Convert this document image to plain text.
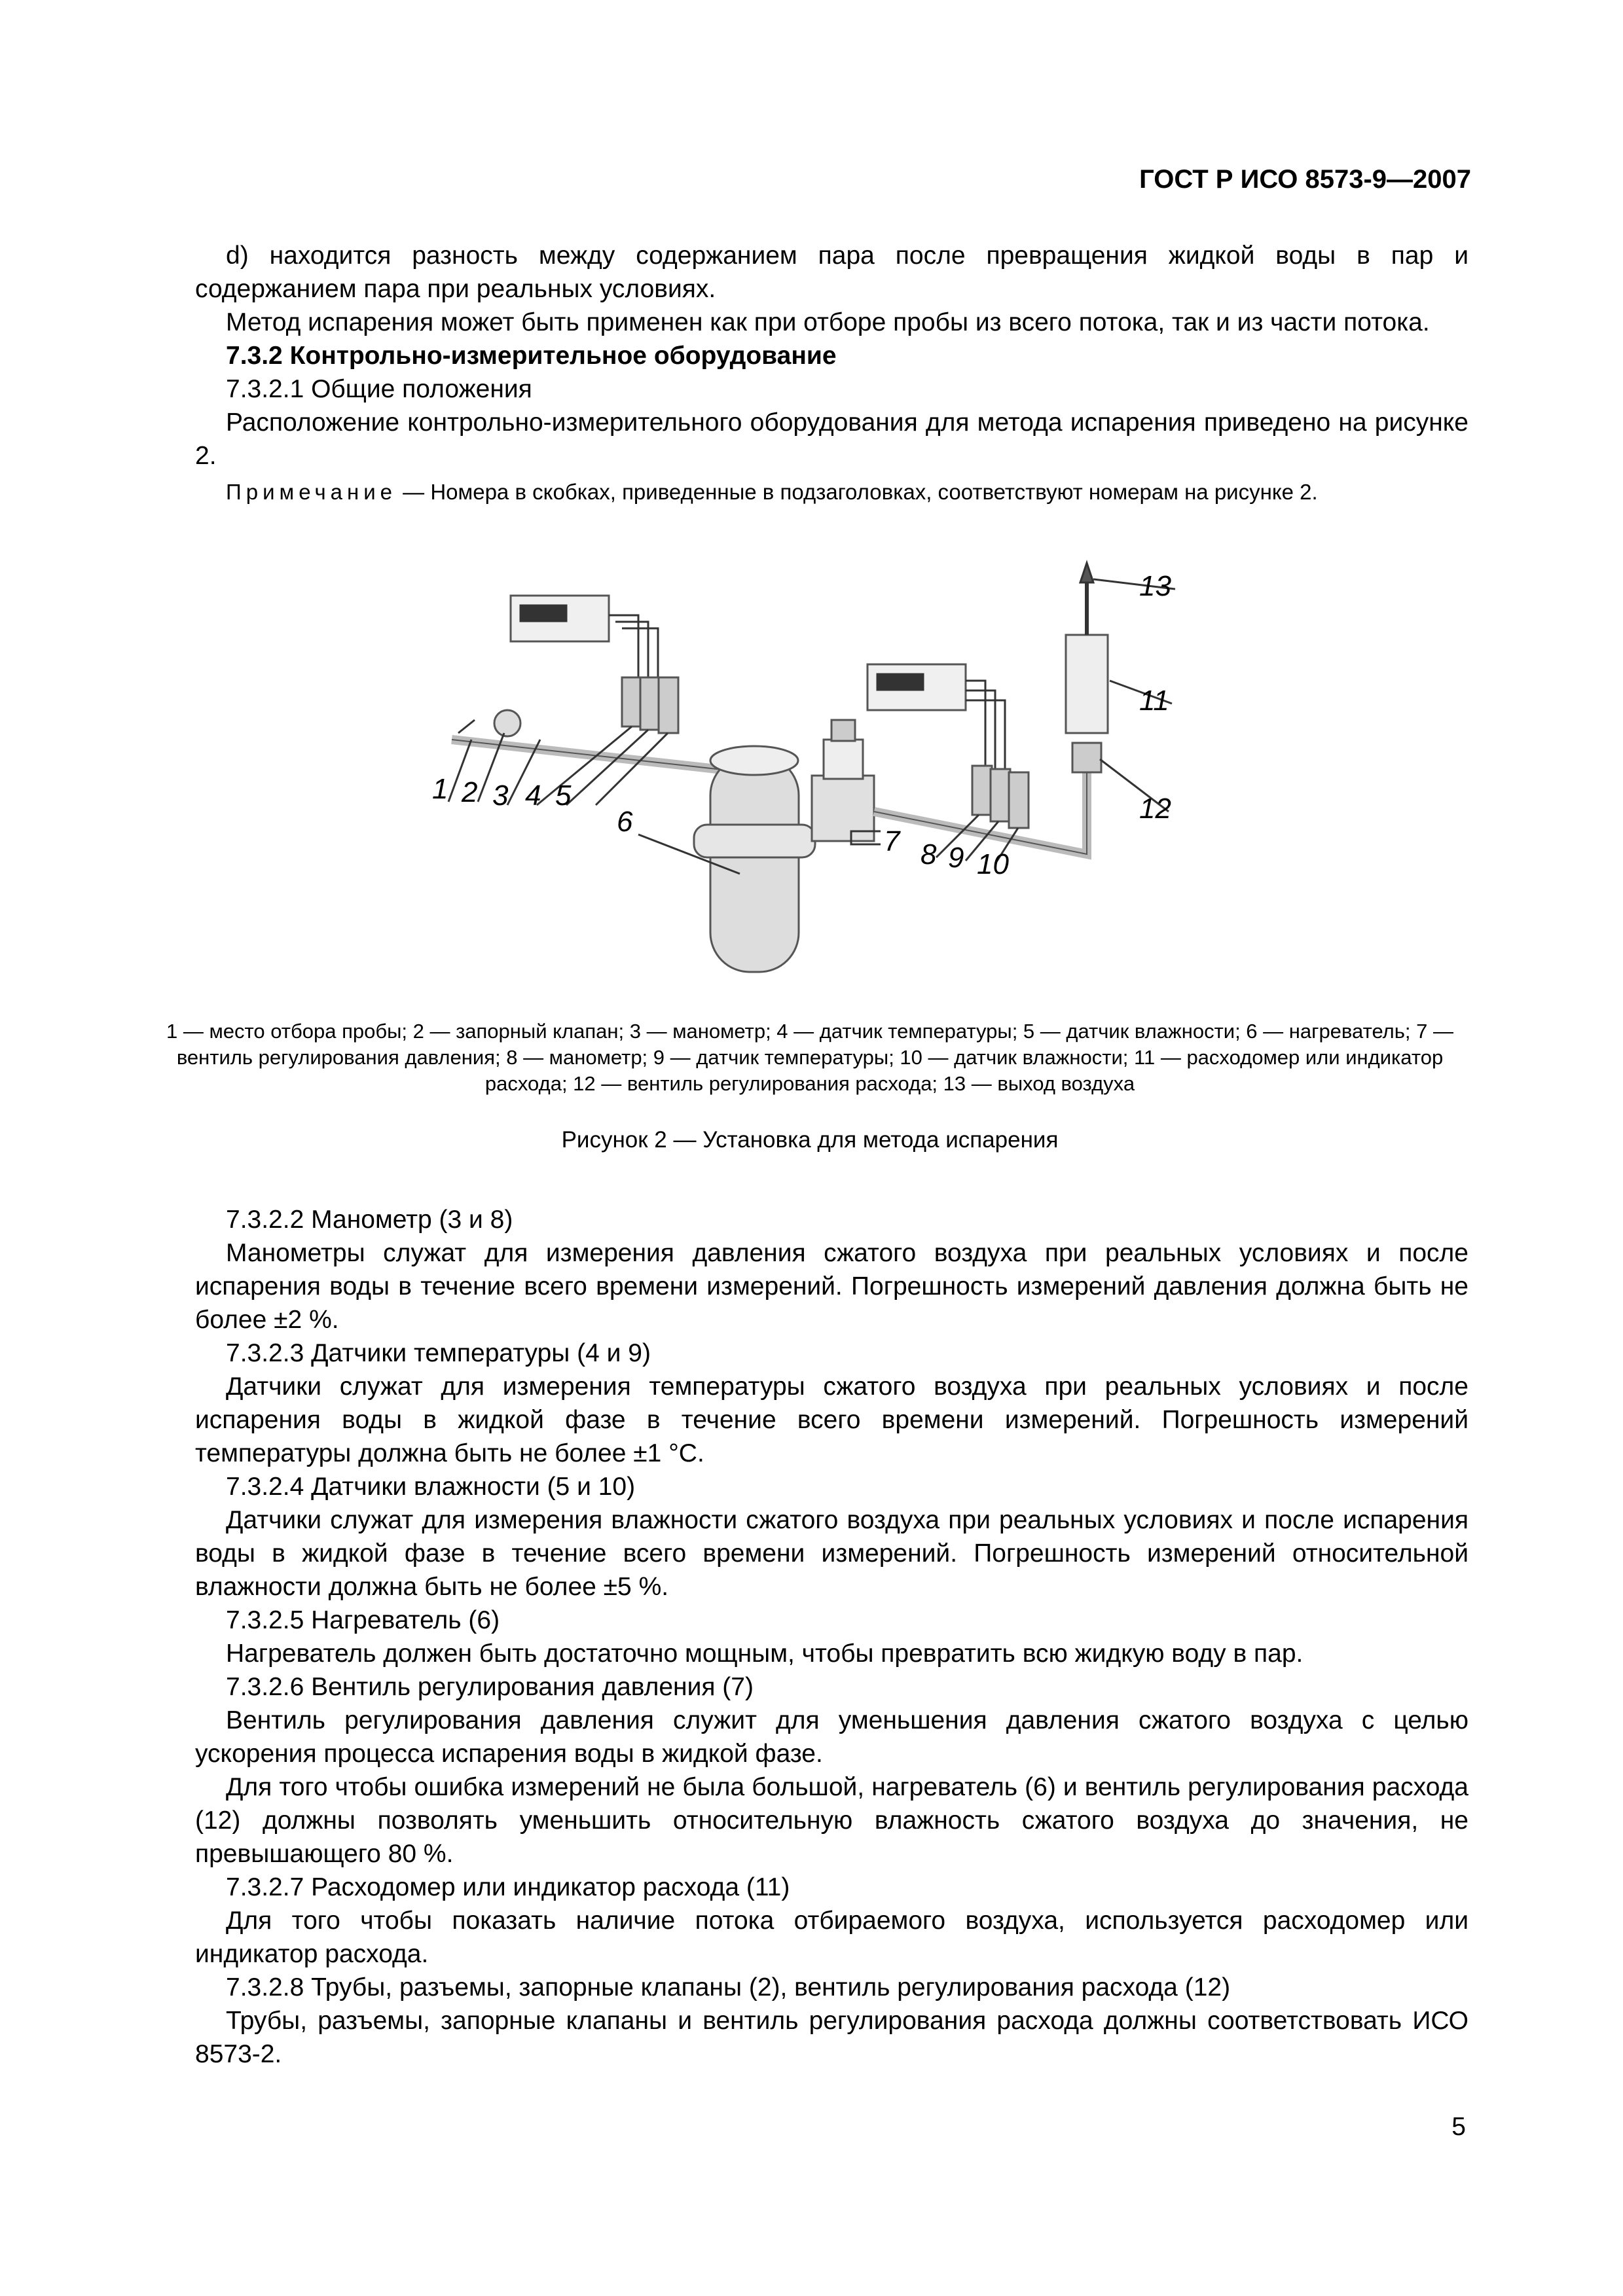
ГОСТ Р ИСО 8573-9—2007

d) находится разность между содержанием пара после превращения жидкой воды в пар и содержанием пара при реальных условиях.

Метод испарения может быть применен как при отборе пробы из всего потока, так и из части потока.

7.3.2 Контрольно-измерительное оборудование

7.3.2.1 Общие положения

Расположение контрольно-измерительного оборудования для метода испарения приведено на рисунке 2.

Примечание — Номера в скобках, приведенные в подзаголовках, соответствуют номерам на рисунке 2.

1 2 3 4 5
6
7 8 9 10
11
12
13
1 — место отбора пробы; 2 — запорный клапан; 3 — манометр; 4 — датчик температуры; 5 — датчик влажности; 6 — нагреватель; 7 — вентиль регулирования давления; 8 — манометр; 9 — датчик температуры; 10 — датчик влажности; 11 — расходомер или индикатор расхода; 12 — вентиль регулирования расхода; 13 — выход воздуха
Рисунок 2 — Установка для метода испарения

7.3.2.2 Манометр (3 и 8)

Манометры служат для измерения давления сжатого воздуха при реальных условиях и после испарения воды в течение всего времени измерений. Погрешность измерений давления должна быть не более ±2 %.

7.3.2.3 Датчики температуры (4 и 9)

Датчики служат для измерения температуры сжатого воздуха при реальных условиях и после испарения воды в жидкой фазе в течение всего времени измерений. Погрешность измерений температуры должна быть не более ±1 °С.

7.3.2.4 Датчики влажности (5 и 10)

Датчики служат для измерения влажности сжатого воздуха при реальных условиях и после испарения воды в жидкой фазе в течение всего времени измерений. Погрешность измерений относительной влажности должна быть не более ±5 %.

7.3.2.5 Нагреватель (6)

Нагреватель должен быть достаточно мощным, чтобы превратить всю жидкую воду в пар.

7.3.2.6 Вентиль регулирования давления (7)

Вентиль регулирования давления служит для уменьшения давления сжатого воздуха с целью ускорения процесса испарения воды в жидкой фазе.

Для того чтобы ошибка измерений не была большой, нагреватель (6) и вентиль регулирования расхода (12) должны позволять уменьшить относительную влажность сжатого воздуха до значения, не превышающего 80 %.

7.3.2.7 Расходомер или индикатор расхода (11)

Для того чтобы показать наличие потока отбираемого воздуха, используется расходомер или индикатор расхода.

7.3.2.8 Трубы, разъемы, запорные клапаны (2), вентиль регулирования расхода (12)

Трубы, разъемы, запорные клапаны и вентиль регулирования расхода должны соответствовать ИСО 8573-2.

5
